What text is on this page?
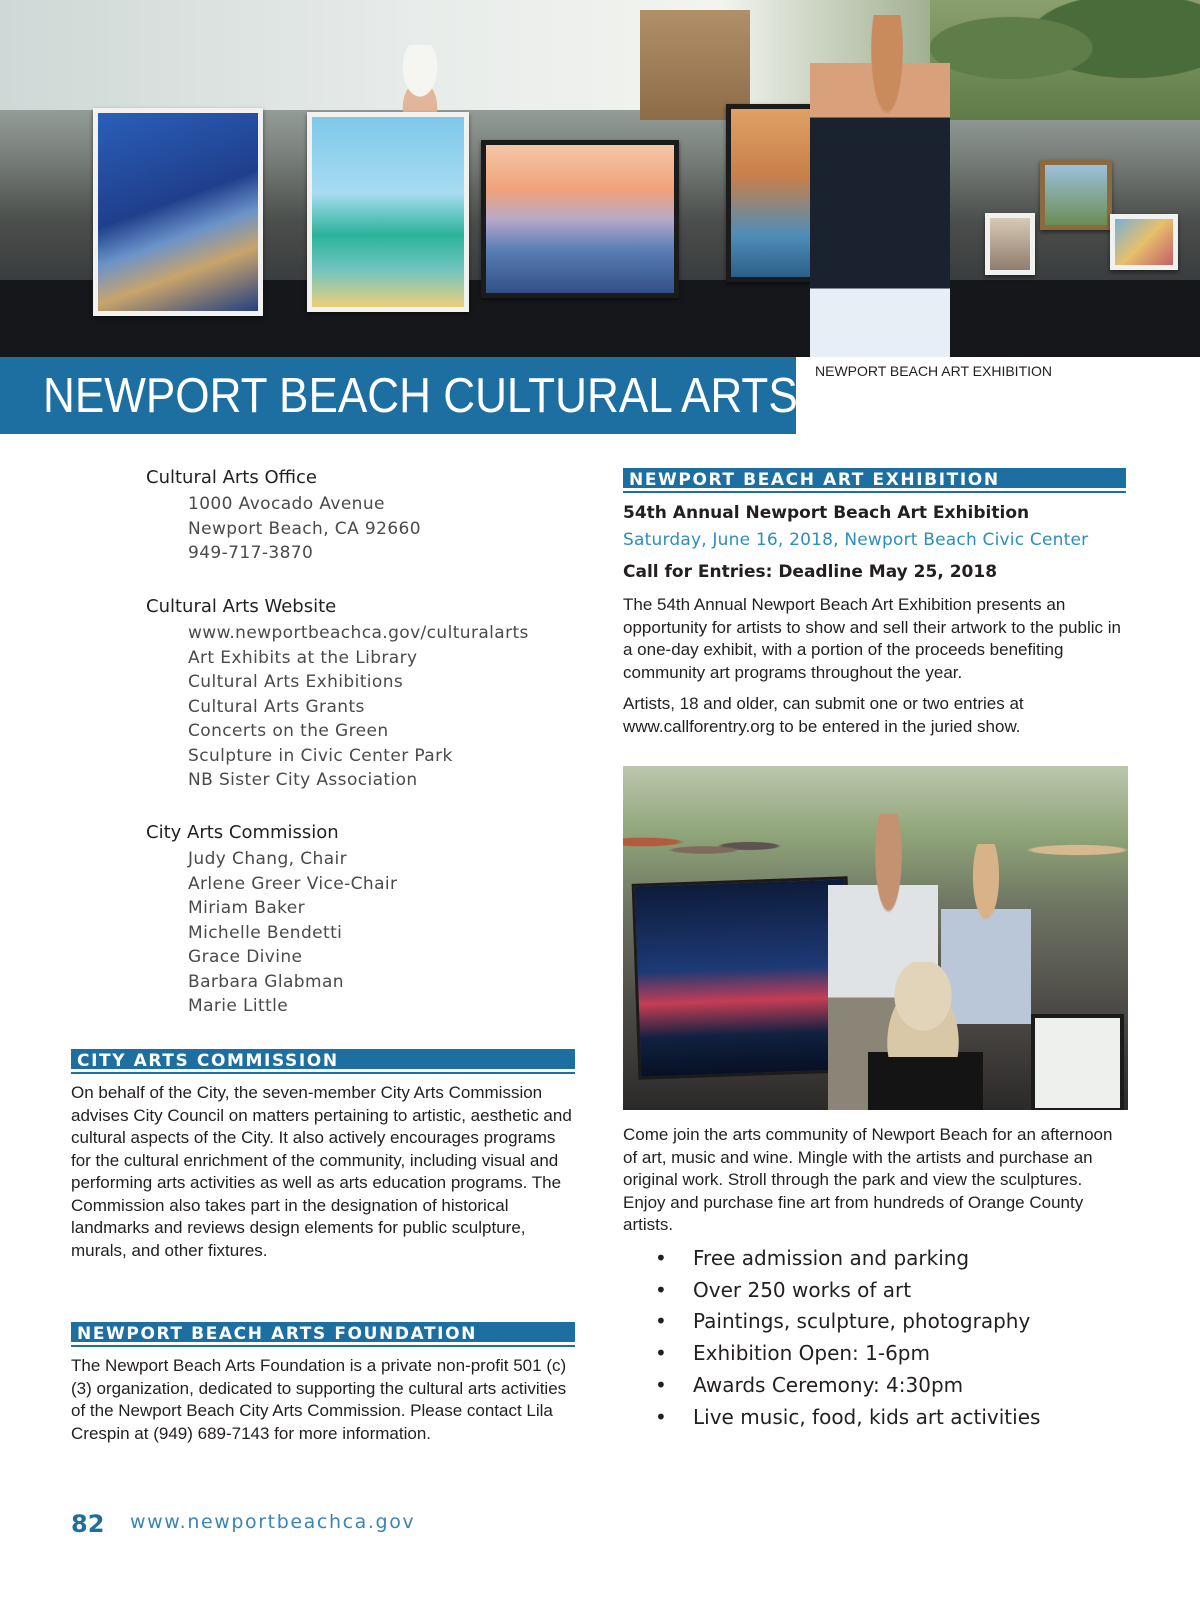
NEWPORT BEACH CULTURAL ARTS NEWPORT BEACH ART EXHIBITION
Cultural Arts Office
1000 Avocado Avenue
Newport Beach, CA 92660
949-717-3870
Cultural Arts Website
www.newportbeachca.gov/culturalarts
Art Exhibits at the Library
Cultural Arts Exhibitions
Cultural Arts Grants
Concerts on the Green
Sculpture in Civic Center Park
NB Sister City Association
City Arts Commission
Judy Chang, Chair
Arlene Greer Vice-Chair
Miriam Baker
Michelle Bendetti
Grace Divine
Barbara Glabman
Marie Little
CITY ARTS COMMISSION

On behalf of the City, the seven-member City Arts Commission advises City Council on matters pertaining to artistic, aesthetic and cultural aspects of the City. It also actively encourages programs for the cultural enrichment of the community, including visual and performing arts activities as well as arts education programs. The Commission also takes part in the designation of historical landmarks and reviews design elements for public sculpture, murals, and other fixtures.

NEWPORT BEACH ARTS FOUNDATION

The Newport Beach Arts Foundation is a private non-profit 501 (c)(3) organization, dedicated to supporting the cultural arts activities of the Newport Beach City Arts Commission. Please contact Lila Crespin at (949) 689-7143 for more information.

NEWPORT BEACH ART EXHIBITION
54th Annual Newport Beach Art Exhibition
Saturday, June 16, 2018, Newport Beach Civic Center
Call for Entries: Deadline May 25, 2018

The 54th Annual Newport Beach Art Exhibition presents an opportunity for artists to show and sell their artwork to the public in a one-day exhibit, with a portion of the proceeds benefiting community art programs throughout the year.

Artists, 18 and older, can submit one or two entries at www.callforentry.org to be entered in the juried show.

Come join the arts community of Newport Beach for an afternoon of art, music and wine. Mingle with the artists and purchase an original work. Stroll through the park and view the sculptures. Enjoy and purchase fine art from hundreds of Orange County artists.

• Free admission and parking
• Over 250 works of art
• Paintings, sculpture, photography
• Exhibition Open: 1-6pm
• Awards Ceremony: 4:30pm
• Live music, food, kids art activities
82 www.newportbeachca.gov
